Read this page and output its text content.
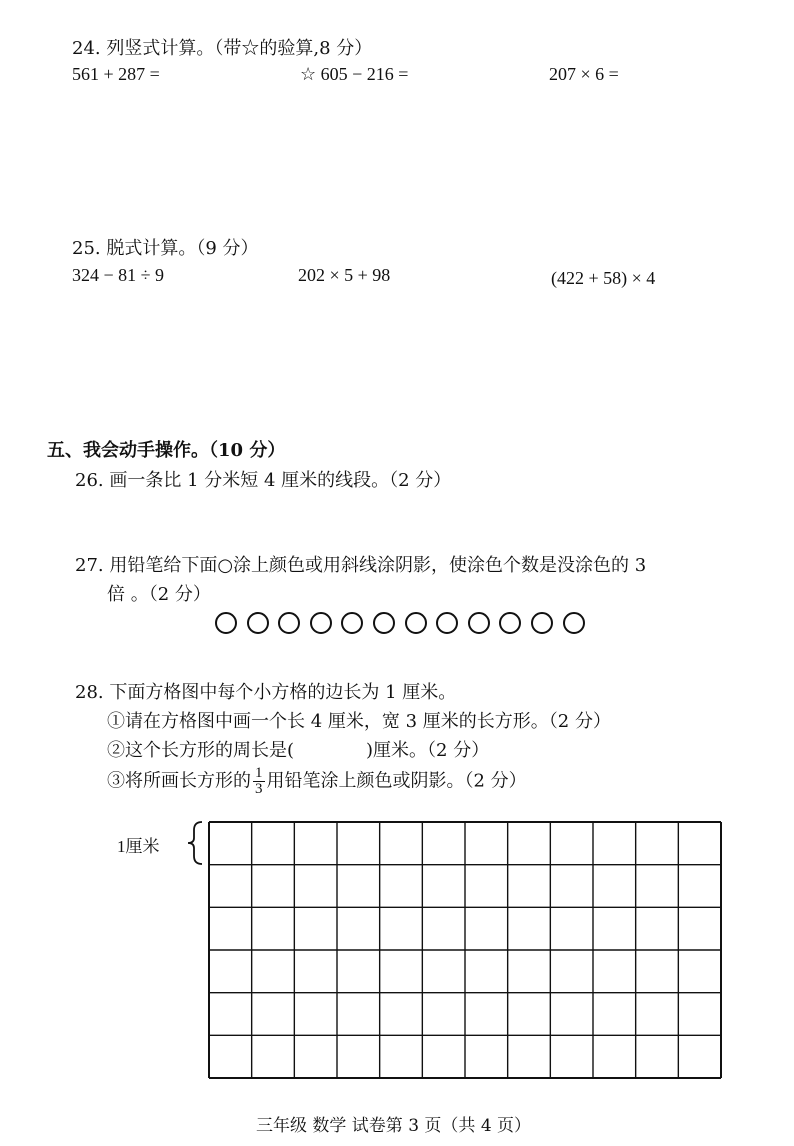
24. 列竖式计算。（带☆的验算,8 分）
561 + 287 =	☆ 605 − 216 =	207 × 6 =
25. 脱式计算。（9 分）
324 − 81 ÷ 9	202 × 5 + 98	(422 + 58) × 4
五、我会动手操作。（10 分）
26. 画一条比 1 分米短 4 厘米的线段。（2 分）
27. 用铅笔给下面○涂上颜色或用斜线涂阴影，使涂色个数是没涂色的 3
倍 。（2 分）
28. 下面方格图中每个小方格的边长为 1 厘米。
①请在方格图中画一个长 4 厘米，宽 3 厘米的长方形。（2 分）
②这个长方形的周长是(	)厘米。（2 分）
③将所画长方形的 $\frac{1}{3}$ 用铅笔涂上颜色或阴影。（2 分）
1厘米
三年级 数学 试卷第 3 页（共 4 页）
